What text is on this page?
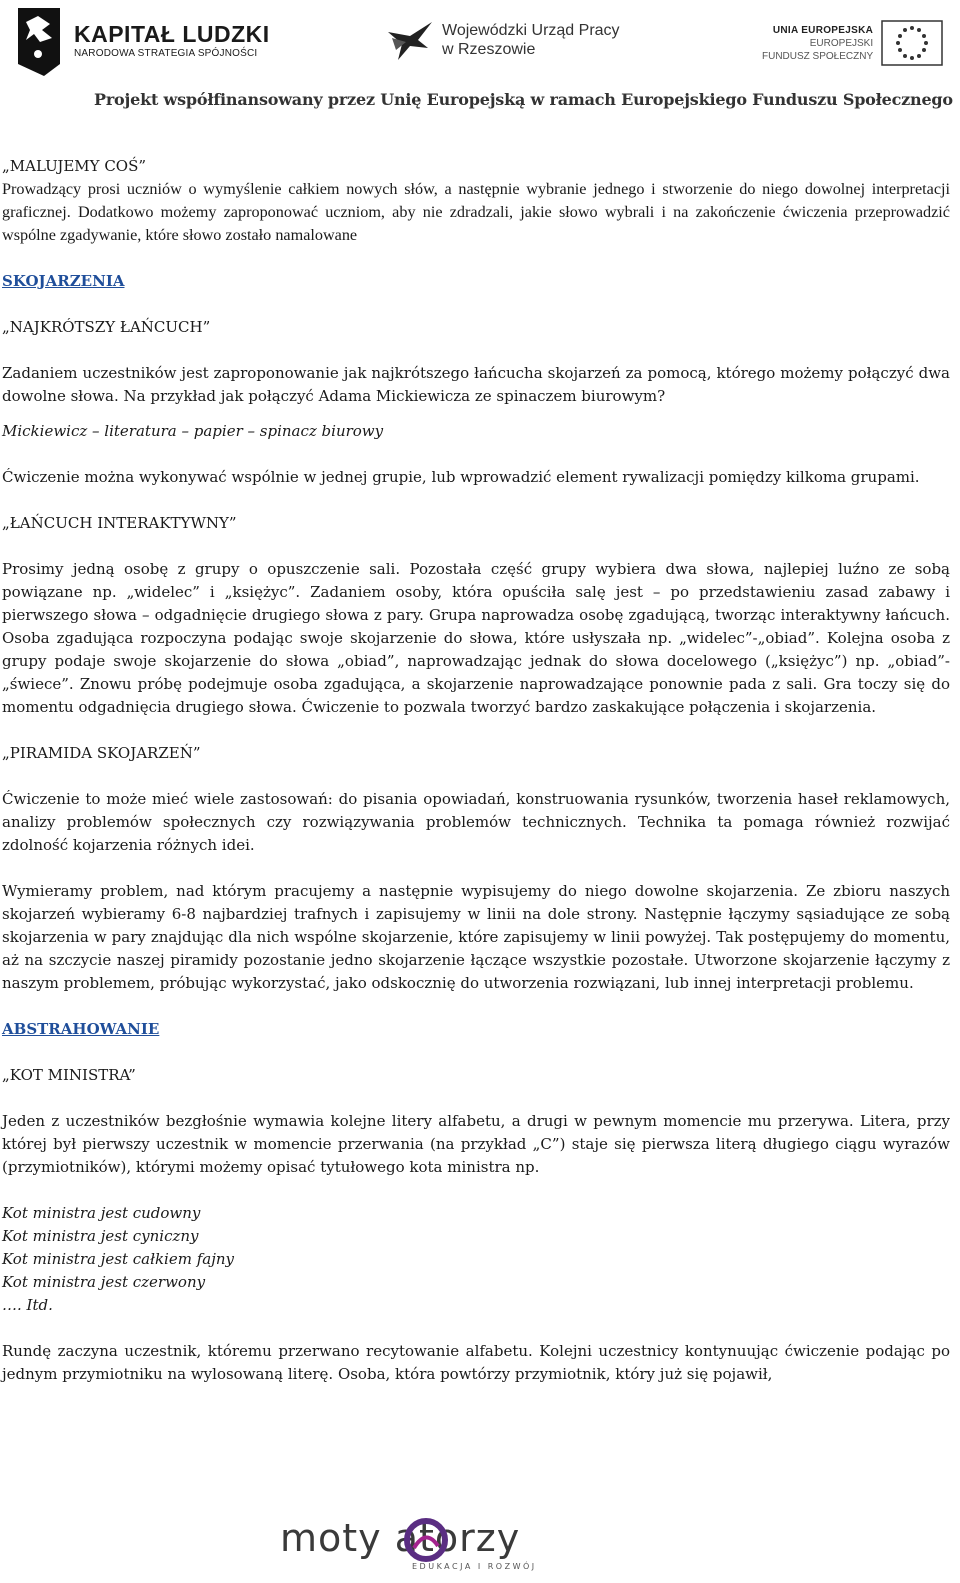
KAPITAŁ LUDZKI
NARODOWA STRATEGIA SPÓJNOŚCI
Wojewódzki Urząd Pracy
w Rzeszowie
UNIA EUROPEJSKA
EUROPEJSKI
FUNDUSZ SPOŁECZNY
Projekt współfinansowany przez Unię Europejską w ramach Europejskiego Funduszu Społecznego

„MALUJEMY COŚ”

Prowadzący prosi uczniów o wymyślenie całkiem nowych słów, a następnie wybranie jednego i stworzenie do niego dowolnej interpretacji graficznej. Dodatkowo możemy zaproponować uczniom, aby nie zdradzali, jakie słowo wybrali i na zakończenie ćwiczenia przeprowadzić wspólne zgadywanie, które słowo zostało namalowane

SKOJARZENIA

„NAJKRÓTSZY ŁAŃCUCH”

Zadaniem uczestników jest zaproponowanie jak najkrótszego łańcucha skojarzeń za pomocą, którego możemy połączyć dwa dowolne słowa. Na przykład jak połączyć Adama Mickiewicza ze spinaczem biurowym?

Mickiewicz – literatura – papier – spinacz biurowy

Ćwiczenie można wykonywać wspólnie w jednej grupie, lub wprowadzić element rywalizacji pomiędzy kilkoma grupami.

„ŁAŃCUCH INTERAKTYWNY”

Prosimy jedną osobę z grupy o opuszczenie sali. Pozostała część grupy wybiera dwa słowa, najlepiej luźno ze sobą powiązane np. „widelec” i „księżyc”. Zadaniem osoby, która opuściła salę jest – po przedstawieniu zasad zabawy i pierwszego słowa – odgadnięcie drugiego słowa z pary. Grupa naprowadza osobę zgadującą, tworząc interaktywny łańcuch. Osoba zgadująca rozpoczyna podając swoje skojarzenie do słowa, które usłyszała np. „widelec”-„obiad”. Kolejna osoba z grupy podaje swoje skojarzenie do słowa „obiad”, naprowadzając jednak do słowa docelowego („księżyc”) np. „obiad”-„świece”. Znowu próbę podejmuje osoba zgadująca, a skojarzenie naprowadzające ponownie pada z sali. Gra toczy się do momentu odgadnięcia drugiego słowa. Ćwiczenie to pozwala tworzyć bardzo zaskakujące połączenia i skojarzenia.

„PIRAMIDA SKOJARZEŃ”

Ćwiczenie to może mieć wiele zastosowań: do pisania opowiadań, konstruowania rysunków, tworzenia haseł reklamowych, analizy problemów społecznych czy rozwiązywania problemów technicznych. Technika ta pomaga również rozwijać zdolność kojarzenia różnych idei.

Wymieramy problem, nad którym pracujemy a następnie wypisujemy do niego dowolne skojarzenia. Ze zbioru naszych skojarzeń wybieramy 6-8 najbardziej trafnych i zapisujemy w linii na dole strony. Następnie łączymy sąsiadujące ze sobą skojarzenia w pary znajdując dla nich wspólne skojarzenie, które zapisujemy w linii powyżej. Tak postępujemy do momentu, aż na szczycie naszej piramidy pozostanie jedno skojarzenie łączące wszystkie pozostałe. Utworzone skojarzenie łączymy z naszym problemem, próbując wykorzystać, jako odskocznię do utworzenia rozwiązani, lub innej interpretacji problemu.

ABSTRAHOWANIE

„KOT MINISTRA”

Jeden z uczestników bezgłośnie wymawia kolejne litery alfabetu, a drugi w pewnym momencie mu przerywa. Litera, przy której był pierwszy uczestnik w momencie przerwania (na przykład „C”) staje się pierwsza literą długiego ciągu wyrazów (przymiotników), którymi możemy opisać tytułowego kota ministra np.

Kot ministra jest cudowny

Kot ministra jest cyniczny

Kot ministra jest całkiem fajny

Kot ministra jest czerwony

…. Itd.

Rundę zaczyna uczestnik, któremu przerwano recytowanie alfabetu. Kolejni uczestnicy kontynuując ćwiczenie podając po jednym przymiotniku na wylosowaną literę. Osoba, która powtórzy przymiotnik, który już się pojawił,

moty atorzy
EDUKACJA I ROZWÓJ
